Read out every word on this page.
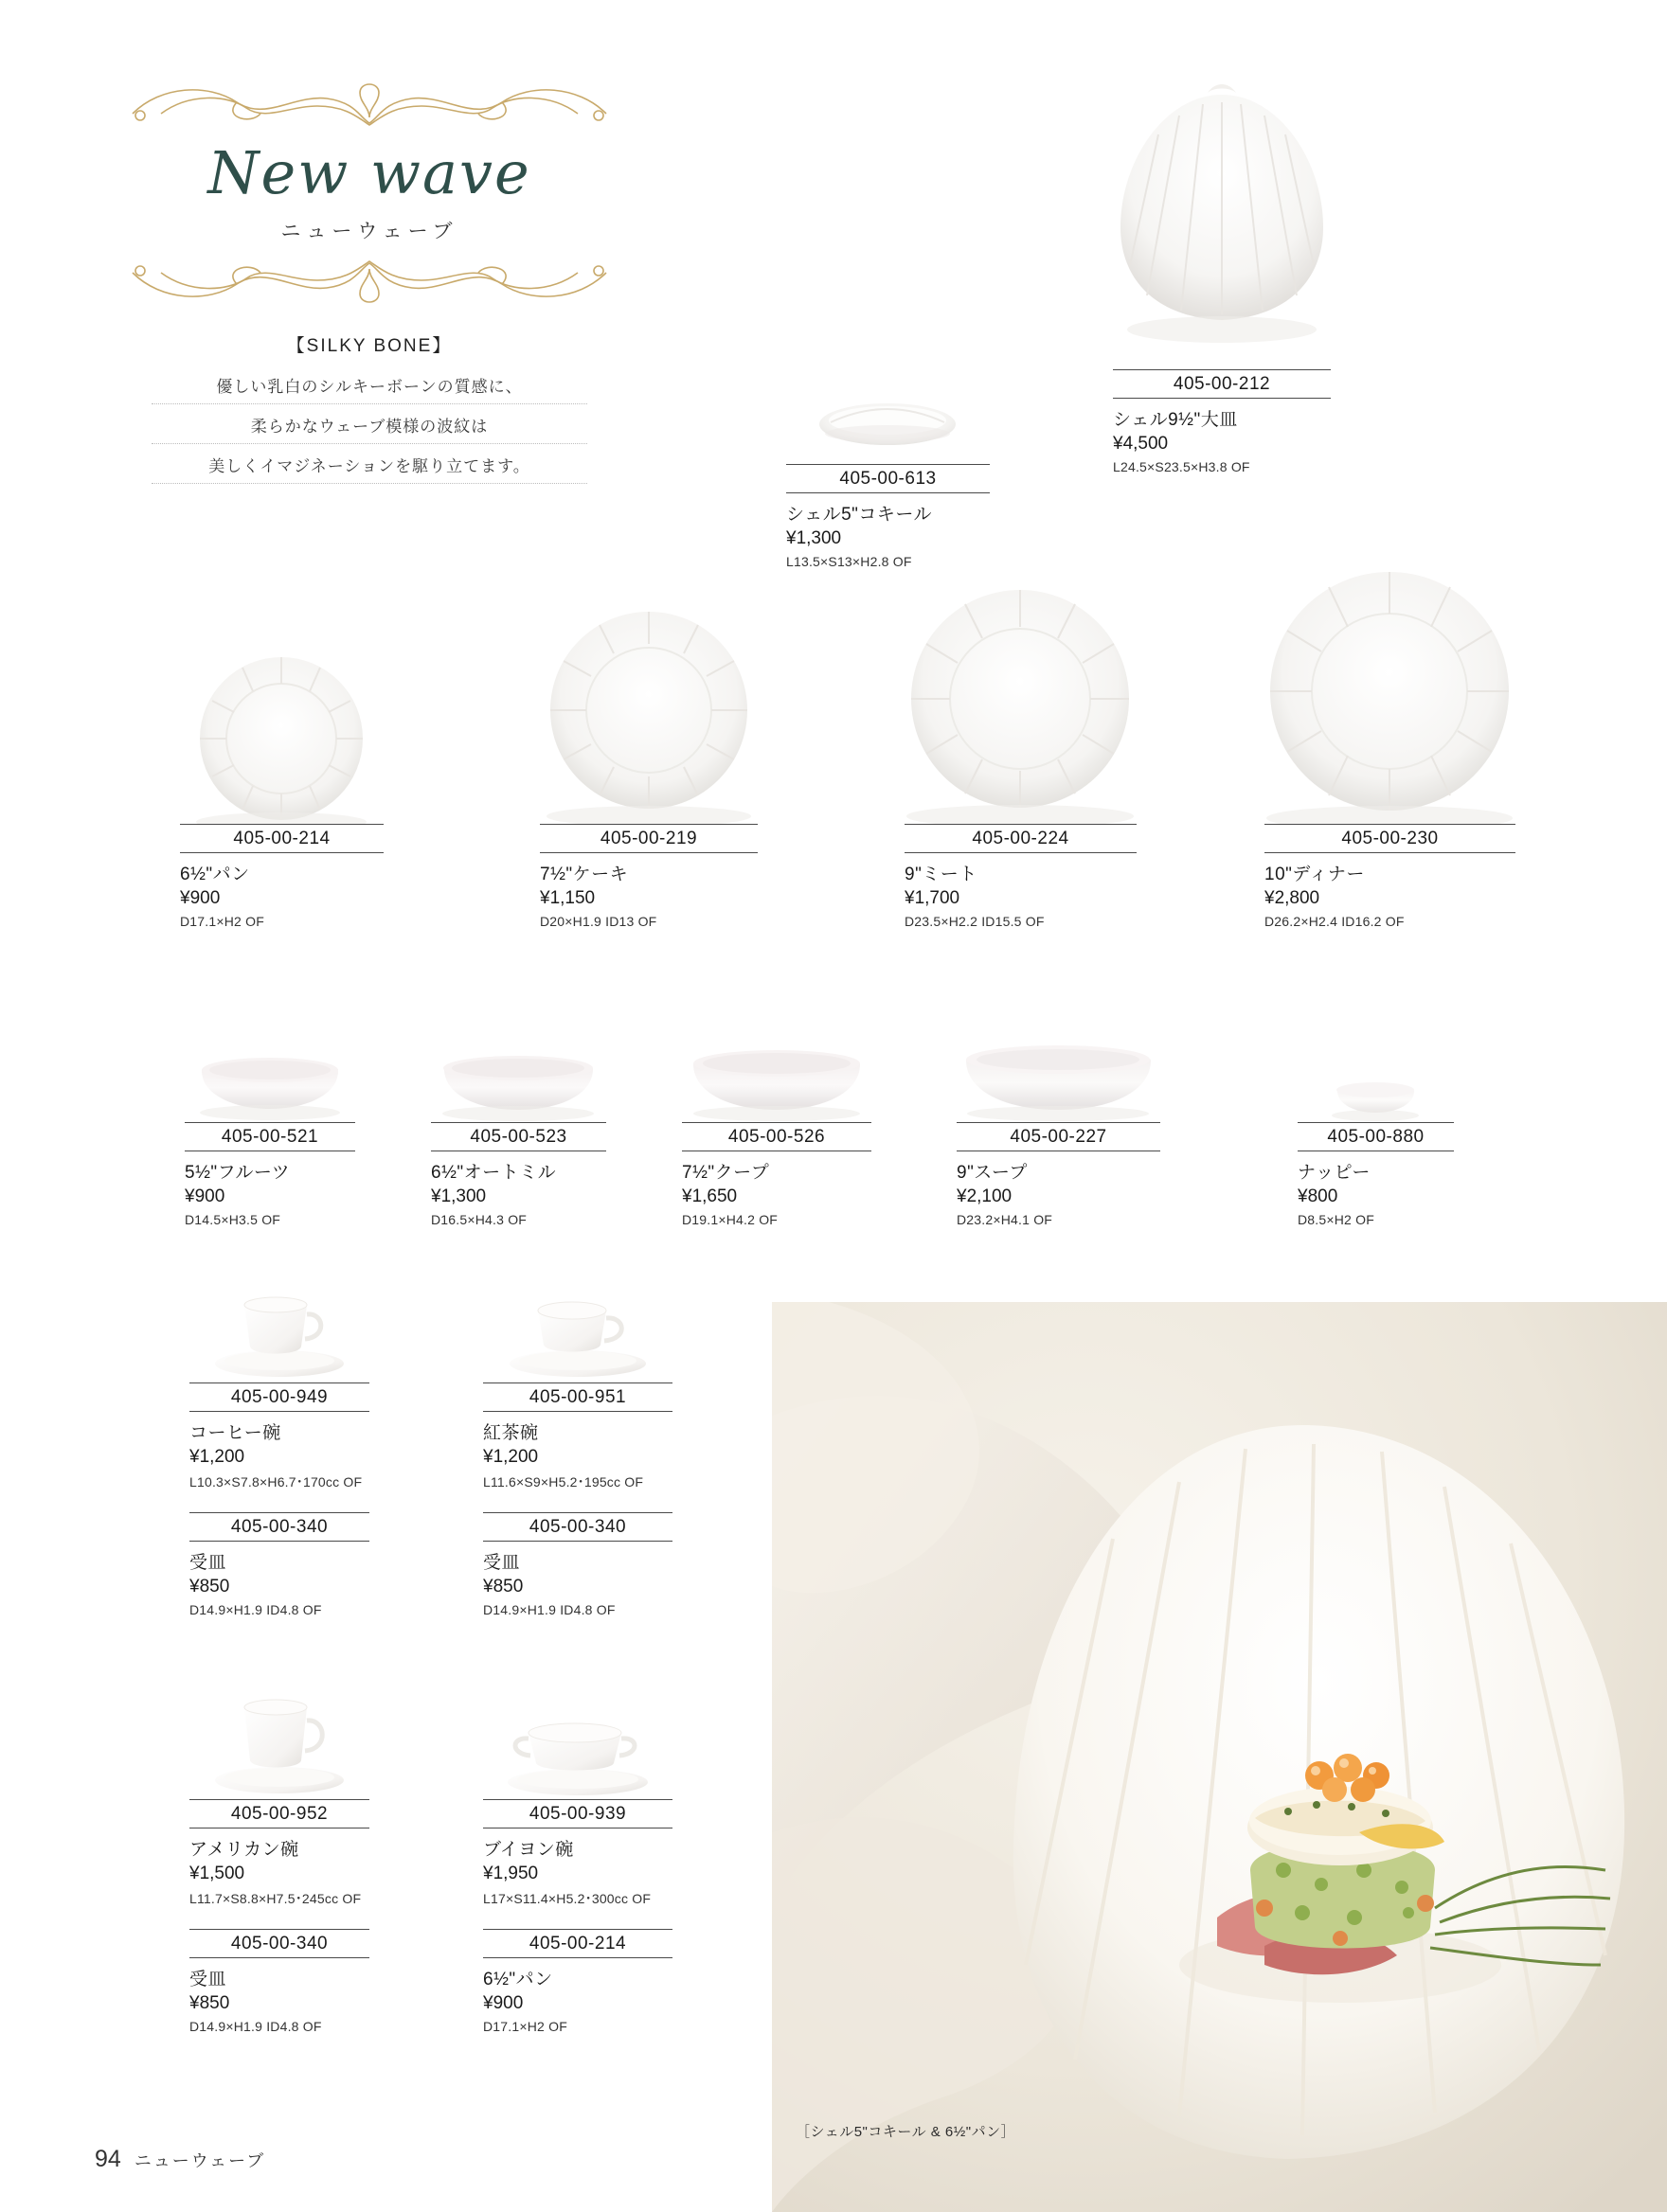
New wave
ニューウェーブ
【SILKY BONE】
優しい乳白のシルキーボーンの質感に、
柔らかなウェーブ模様の波紋は
美しくイマジネーションを駆り立てます。
405-00-613
シェル5"コキール
¥1,300
L13.5×S13×H2.8 OF
405-00-212
シェル9½"大皿
¥4,500
L24.5×S23.5×H3.8 OF
405-00-214
6½"パン
¥900
D17.1×H2 OF
405-00-219
7½"ケーキ
¥1,150
D20×H1.9 ID13 OF
405-00-224
9"ミート
¥1,700
D23.5×H2.2 ID15.5 OF
405-00-230
10"ディナー
¥2,800
D26.2×H2.4 ID16.2 OF
405-00-521
5½"フルーツ
¥900
D14.5×H3.5 OF
405-00-523
6½"オートミル
¥1,300
D16.5×H4.3 OF
405-00-526
7½"クープ
¥1,650
D19.1×H4.2 OF
405-00-227
9"スープ
¥2,100
D23.2×H4.1 OF
405-00-880
ナッピー
¥800
D8.5×H2 OF
405-00-949
コーヒー碗
¥1,200
L10.3×S7.8×H6.7･170cc OF
405-00-340
受皿
¥850
D14.9×H1.9 ID4.8 OF
405-00-951
紅茶碗
¥1,200
L11.6×S9×H5.2･195cc OF
405-00-340
受皿
¥850
D14.9×H1.9 ID4.8 OF
405-00-952
アメリカン碗
¥1,500
L11.7×S8.8×H7.5･245cc OF
405-00-340
受皿
¥850
D14.9×H1.9 ID4.8 OF
405-00-939
ブイヨン碗
¥1,950
L17×S11.4×H5.2･300cc OF
405-00-214
6½"パン
¥900
D17.1×H2 OF
［シェル5"コキール & 6½"パン］
94 ニューウェーブ
